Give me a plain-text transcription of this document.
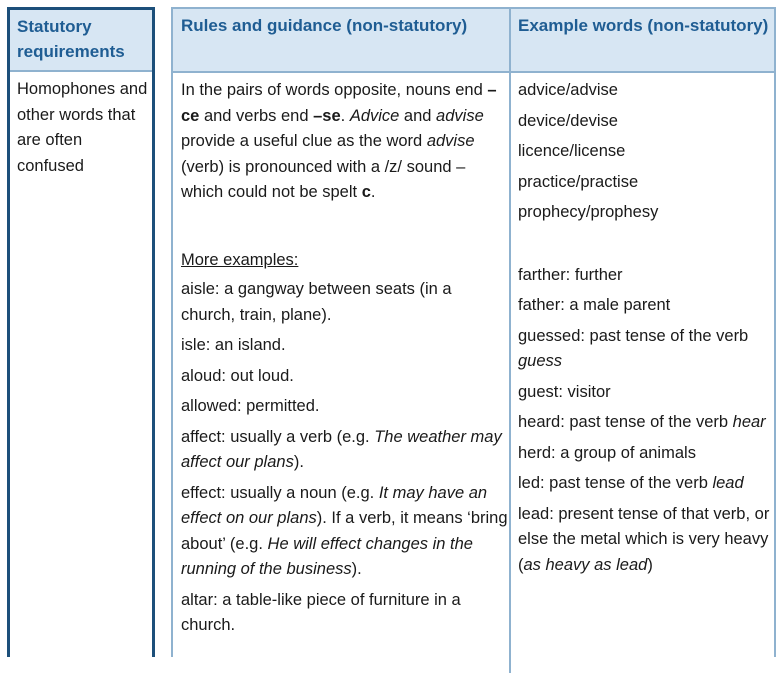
Statutory requirements
Homophones and other words that are often confused
Rules and guidance (non-statutory)	Example words (non-statutory)

In the pairs of words opposite, nouns end –ce and verbs end –se. Advice and advise provide a useful clue as the word advise (verb) is pronounced with a /z/ sound – which could not be spelt c.

More examples:

aisle: a gangway between seats (in a church, train, plane).

isle: an island.

aloud: out loud.

allowed: permitted.

affect: usually a verb (e.g. The weather may affect our plans).

effect: usually a noun (e.g. It may have an effect on our plans). If a verb, it means ‘bring about’ (e.g. He will effect changes in the running of the business).

altar: a table-like piece of furniture in a church.

advice/advise

device/devise

licence/license

practice/practise

prophecy/prophesy

farther: further

father: a male parent

guessed: past tense of the verb guess

guest: visitor

heard: past tense of the verb hear

herd: a group of animals

led: past tense of the verb lead

lead: present tense of that verb, or else the metal which is very heavy (as heavy as lead)
